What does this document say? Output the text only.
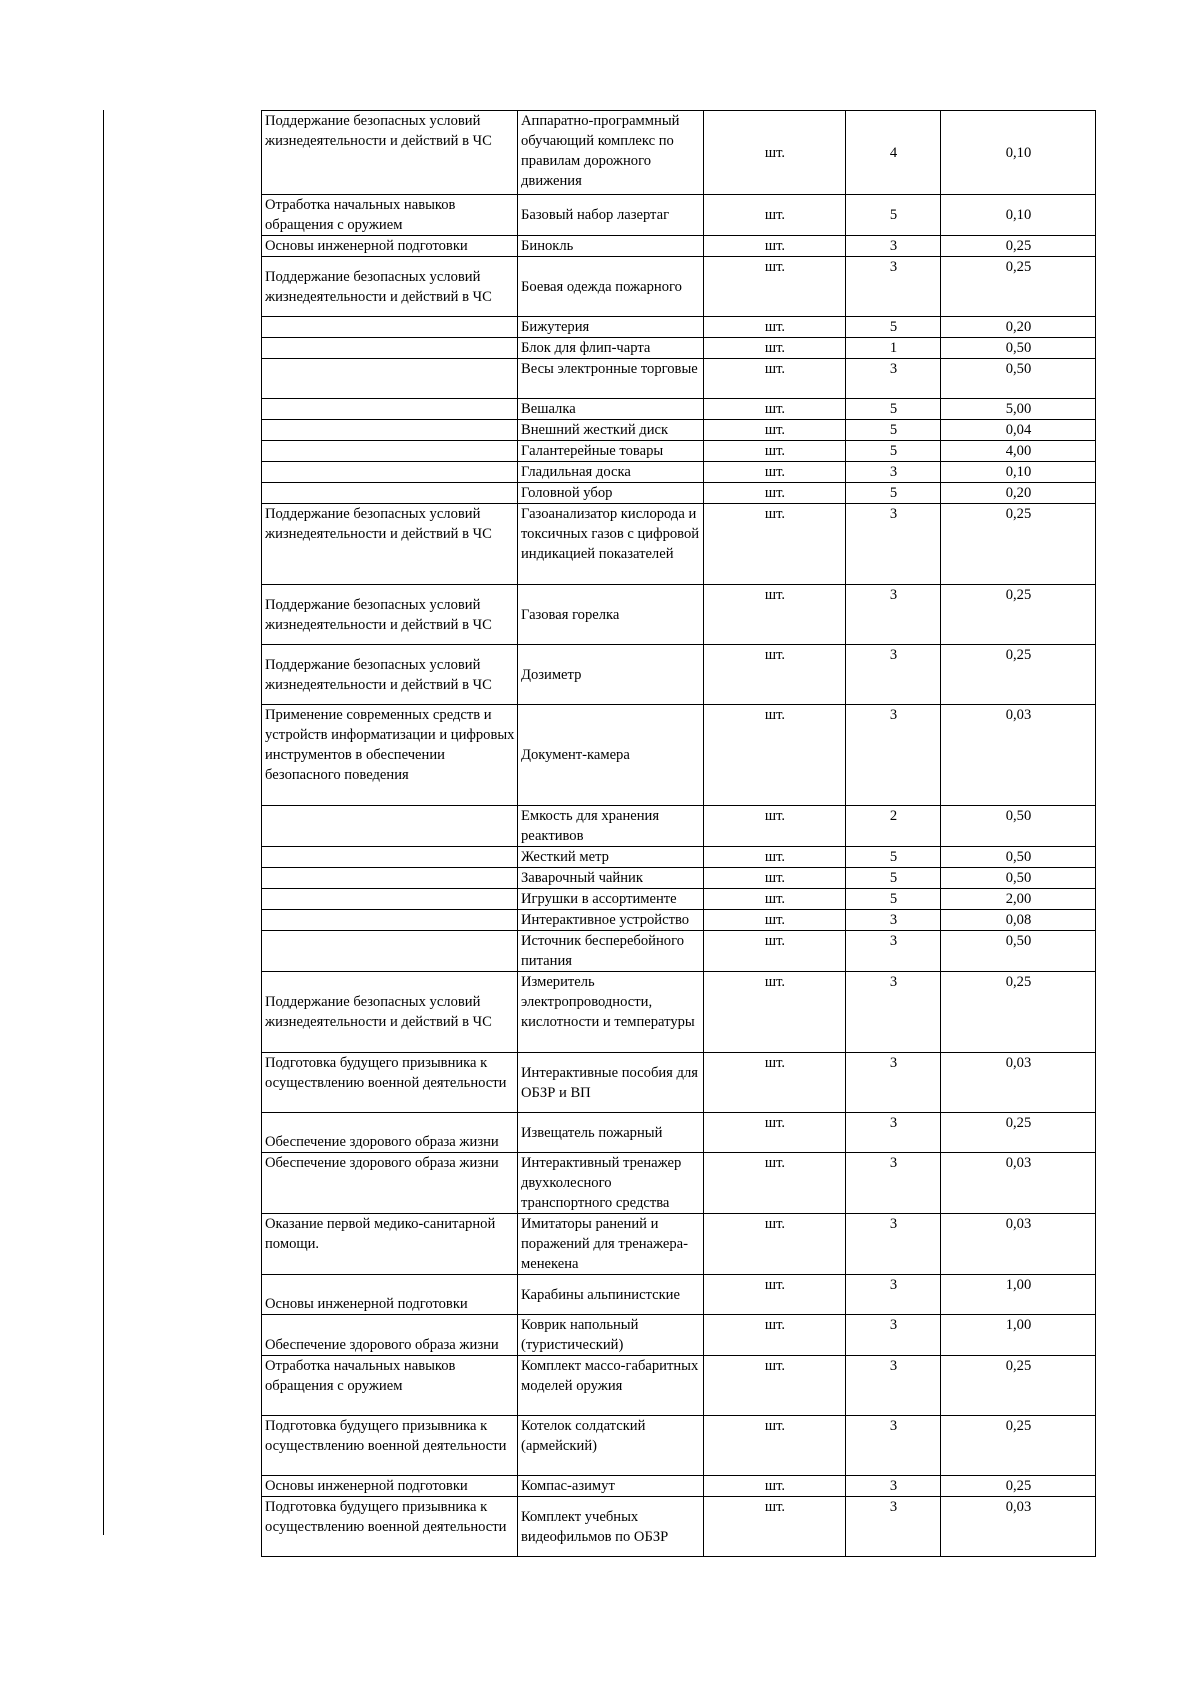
Поддержание безопасных условий жизнедеятельности и действий в ЧС	Аппаратно-программный обучающий комплекс по правилам дорожного движения	шт.	4	0,10
Отработка начальных навыков обращения с оружием	Базовый набор лазертаг	шт.	5	0,10
Основы инженерной подготовки	Бинокль	шт.	3	0,25
Поддержание безопасных условий жизнедеятельности и действий в ЧС	Боевая одежда пожарного	шт.	3	0,25
	Бижутерия	шт.	5	0,20
	Блок для флип-чарта	шт.	1	0,50
	Весы электронные торговые	шт.	3	0,50
	Вешалка	шт.	5	5,00
	Внешний жесткий диск	шт.	5	0,04
	Галантерейные товары	шт.	5	4,00
	Гладильная доска	шт.	3	0,10
	Головной убор	шт.	5	0,20
Поддержание безопасных условий жизнедеятельности и действий в ЧС	Газоанализатор кислорода и токсичных газов с цифровой индикацией показателей	шт.	3	0,25
Поддержание безопасных условий жизнедеятельности и действий в ЧС	Газовая горелка	шт.	3	0,25
Поддержание безопасных условий жизнедеятельности и действий в ЧС	Дозиметр	шт.	3	0,25
Применение современных средств и устройств информатизации и цифровых инструментов в обеспечении безопасного поведения	Документ-камера	шт.	3	0,03
	Емкость для хранения реактивов	шт.	2	0,50
	Жесткий метр	шт.	5	0,50
	Заварочный чайник	шт.	5	0,50
	Игрушки в ассортименте	шт.	5	2,00
	Интерактивное устройство	шт.	3	0,08
	Источник бесперебойного питания	шт.	3	0,50
Поддержание безопасных условий жизнедеятельности и действий в ЧС	Измеритель электропроводности, кислотности и температуры	шт.	3	0,25
Подготовка будущего призывника к осуществлению военной деятельности	Интерактивные пособия для ОБЗР и ВП	шт.	3	0,03
Обеспечение здорового образа жизни	Извещатель пожарный	шт.	3	0,25
Обеспечение здорового образа жизни	Интерактивный тренажер двухколесного транспортного средства	шт.	3	0,03
Оказание первой медико-санитарной помощи.	Имитаторы ранений и поражений для тренажера-менекена	шт.	3	0,03
Основы инженерной подготовки	Карабины альпинистские	шт.	3	1,00
Обеспечение здорового образа жизни	Коврик напольный (туристический)	шт.	3	1,00
Отработка начальных навыков обращения с оружием	Комплект массо-габаритных моделей оружия	шт.	3	0,25
Подготовка будущего призывника к осуществлению военной деятельности	Котелок солдатский (армейский)	шт.	3	0,25
Основы инженерной подготовки	Компас-азимут	шт.	3	0,25
Подготовка будущего призывника к осуществлению военной деятельности	Комплект учебных видеофильмов по ОБЗР	шт.	3	0,03
